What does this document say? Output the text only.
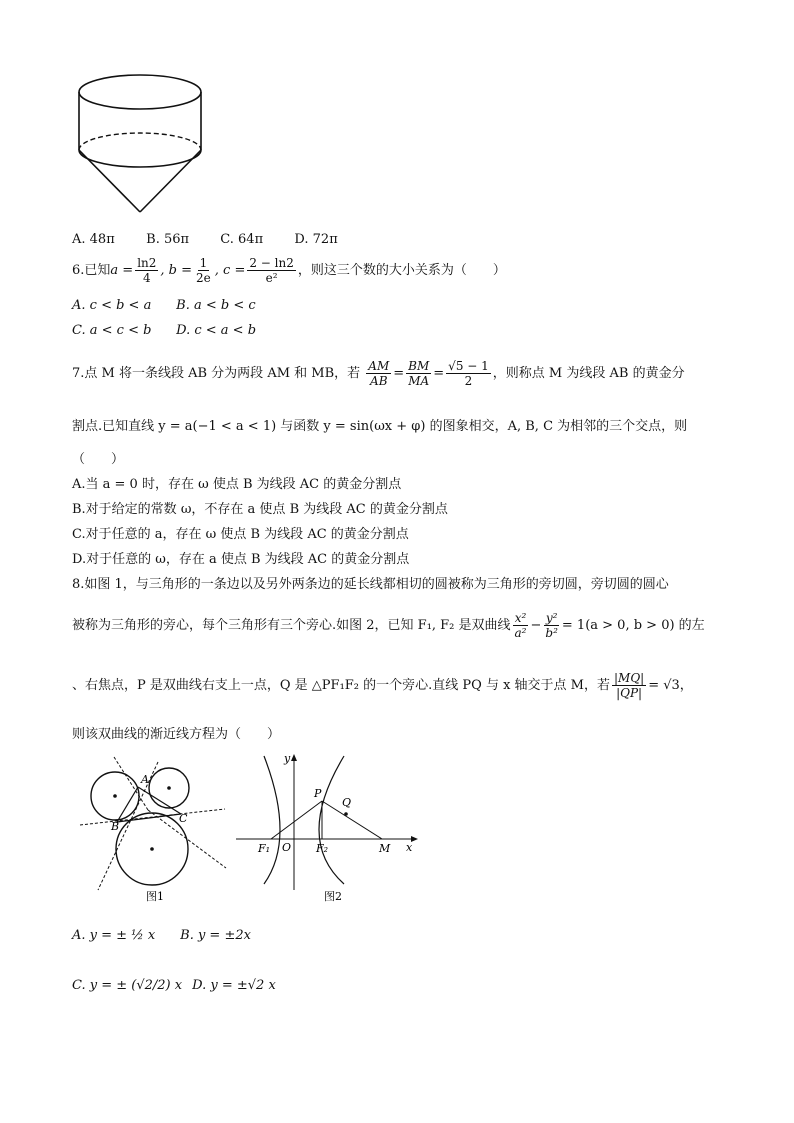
A. 48π B. 56π C. 64π D. 72π
6.已知$a = \frac{\ln 2}{4}$ , $b = \frac{1}{2e}$ , $c = \frac{2 - \ln 2}{\text{e²}}$ ，则这三个数的大小关系为（　　）
A. c < b < a B. a < b < c
C. a < c < b D. c < a < b
7.点 M 将一条线段 AB 分为两段 AM 和 MB，若 $\frac{AM}{AB} = \frac{BM}{MA} = \frac{√5 - 1}{2}$ ，则称点 M 为线段 AB 的黄金分
割点.已知直线 y = a(−1 < a < 1) 与函数 y = sin(ωx + φ) 的图象相交，A, B, C 为相邻的三个交点，则
（　　）
A.当 a = 0 时，存在 ω 使点 B 为线段 AC 的黄金分割点
B.对于给定的常数 ω，不存在 a 使点 B 为线段 AC 的黄金分割点
C.对于任意的 a，存在 ω 使点 B 为线段 AC 的黄金分割点
D.对于任意的 ω，存在 a 使点 B 为线段 AC 的黄金分割点
8.如图 1，与三角形的一条边以及另外两条边的延长线都相切的圆被称为三角形的旁切圆，旁切圆的圆心
被称为三角形的旁心，每个三角形有三个旁心.如图 2，已知 F₁, F₂ 是双曲线 $\frac{\text{x²}}{\text{a²}} - \frac{\text{y²}}{\text{b²}} = 1(a > 0$, b > 0) 的左
、右焦点，P 是双曲线右支上一点，Q 是 △PF₁F₂ 的一个旁心.直线 PQ 与 x 轴交于点 M，若 $\frac{|MQ|}{|QP|} = √3$，
则该双曲线的渐近线方程为（　　）
A
B
C
图1
y
P
Q
F₁ O F₂	M x
图2
A. y = ± ½ x B. y = ±2x
C. y = ± (√2/2) x D. y = ±√2 x
